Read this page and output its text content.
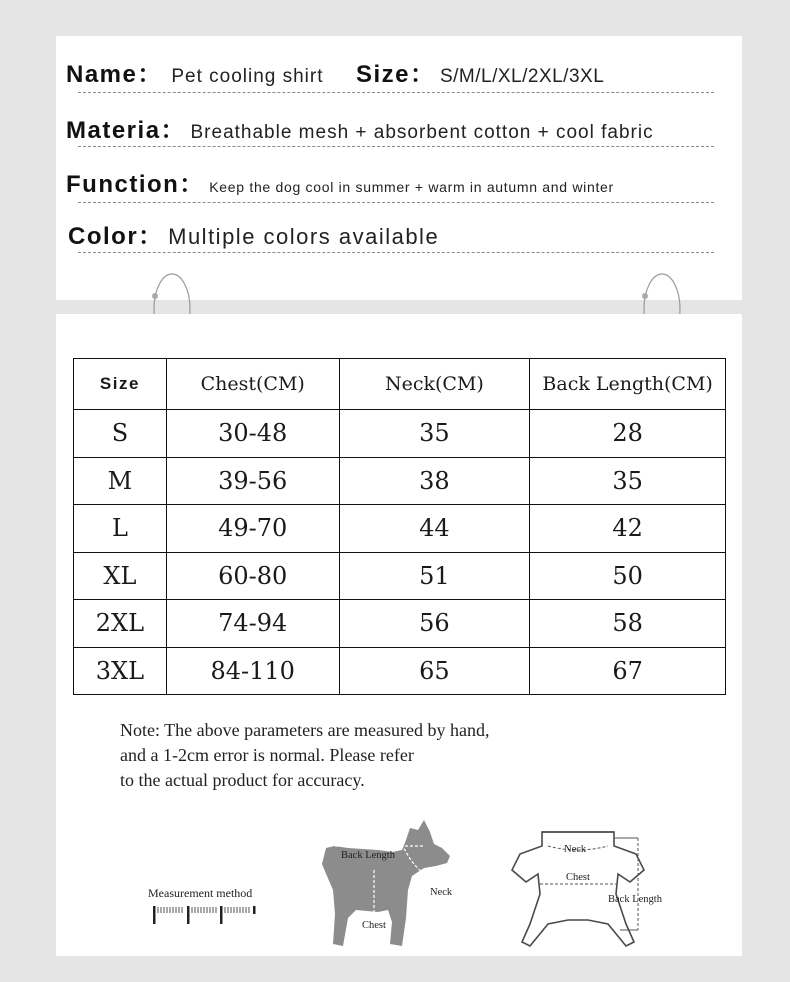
Name： Pet cooling shirt Size： S/M/L/XL/2XL/3XL
Materia： Breathable mesh + absorbent cotton + cool fabric
Function： Keep the dog cool in summer + warm in autumn and winter
Color： Multiple colors available
Size	Chest(CM)	Neck(CM)	Back Length(CM)
S	30-48	35	28
M	39-56	38	35
L	49-70	44	42
XL	60-80	51	50
2XL	74-94	56	58
3XL	84-110	65	67
Note: The above parameters are measured by hand,
and a 1-2cm error is normal. Please refer
to the actual product for accuracy.
Measurement method
Back Length
Neck
Chest
Neck
Chest
Back Length
